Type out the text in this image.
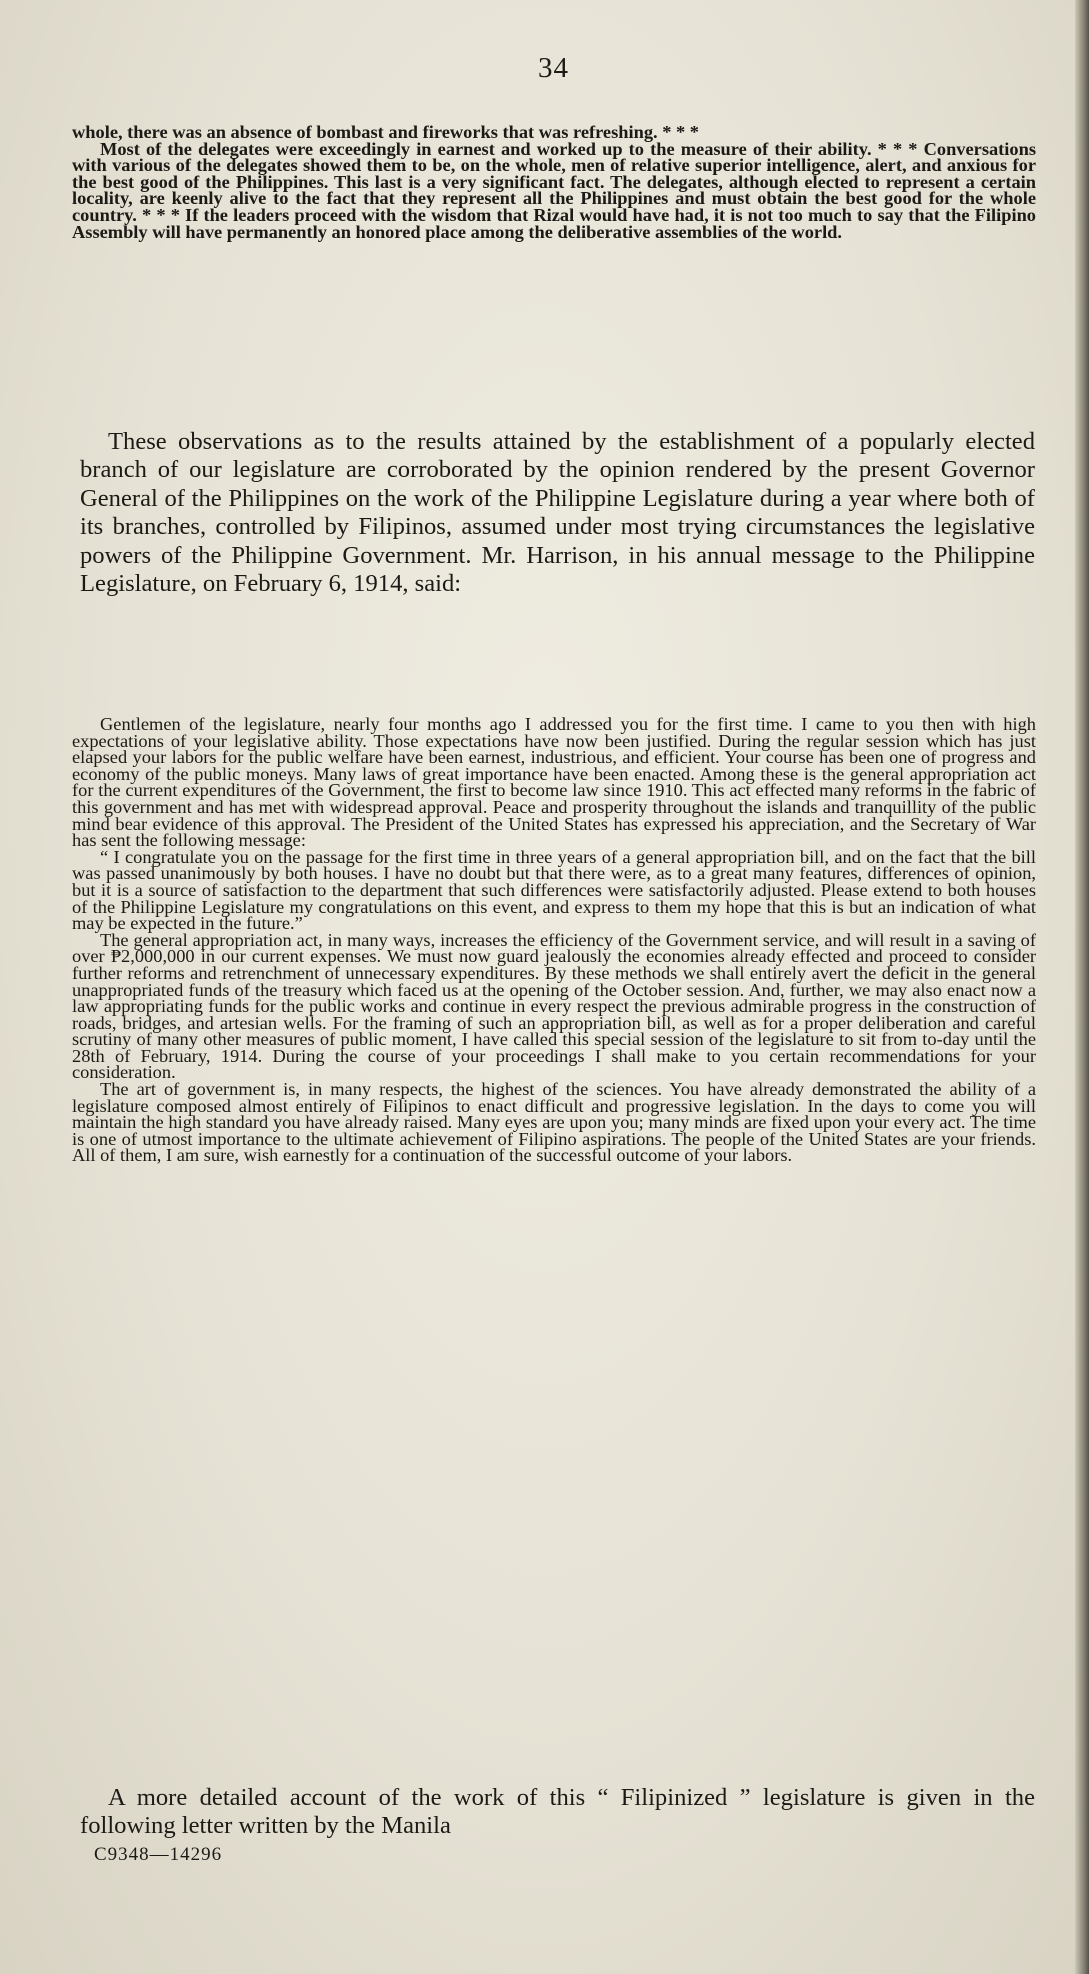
34

whole, there was an absence of bombast and fireworks that was refreshing. * * *

Most of the delegates were exceedingly in earnest and worked up to the measure of their ability. * * * Conversations with various of the delegates showed them to be, on the whole, men of relative superior intelligence, alert, and anxious for the best good of the Philippines. This last is a very significant fact. The delegates, although elected to represent a certain locality, are keenly alive to the fact that they represent all the Philippines and must obtain the best good for the whole country. * * * If the leaders proceed with the wisdom that Rizal would have had, it is not too much to say that the Filipino Assembly will have permanently an honored place among the deliberative assemblies of the world.

These observations as to the results attained by the establishment of a popularly elected branch of our legislature are corroborated by the opinion rendered by the present Governor General of the Philippines on the work of the Philippine Legislature during a year where both of its branches, controlled by Filipinos, assumed under most trying circumstances the legislative powers of the Philippine Government. Mr. Harrison, in his annual message to the Philippine Legislature, on February 6, 1914, said:

Gentlemen of the legislature, nearly four months ago I addressed you for the first time. I came to you then with high expectations of your legislative ability. Those expectations have now been justified. During the regular session which has just elapsed your labors for the public welfare have been earnest, industrious, and efficient. Your course has been one of progress and economy of the public moneys. Many laws of great importance have been enacted. Among these is the general appropriation act for the current expenditures of the Government, the first to become law since 1910. This act effected many reforms in the fabric of this government and has met with widespread approval. Peace and prosperity throughout the islands and tranquillity of the public mind bear evidence of this approval. The President of the United States has expressed his appreciation, and the Secretary of War has sent the following message:

“ I congratulate you on the passage for the first time in three years of a general appropriation bill, and on the fact that the bill was passed unanimously by both houses. I have no doubt but that there were, as to a great many features, differences of opinion, but it is a source of satisfaction to the department that such differences were satisfactorily adjusted. Please extend to both houses of the Philippine Legislature my congratulations on this event, and express to them my hope that this is but an indication of what may be expected in the future.”

The general appropriation act, in many ways, increases the efficiency of the Government service, and will result in a saving of over ₱2,000,000 in our current expenses. We must now guard jealously the economies already effected and proceed to consider further reforms and retrenchment of unnecessary expenditures. By these methods we shall entirely avert the deficit in the general unappropriated funds of the treasury which faced us at the opening of the October session. And, further, we may also enact now a law appropriating funds for the public works and continue in every respect the previous admirable progress in the construction of roads, bridges, and artesian wells. For the framing of such an appropriation bill, as well as for a proper deliberation and careful scrutiny of many other measures of public moment, I have called this special session of the legislature to sit from to-day until the 28th of February, 1914. During the course of your proceedings I shall make to you certain recommendations for your consideration.

The art of government is, in many respects, the highest of the sciences. You have already demonstrated the ability of a legislature composed almost entirely of Filipinos to enact difficult and progressive legislation. In the days to come you will maintain the high standard you have already raised. Many eyes are upon you; many minds are fixed upon your every act. The time is one of utmost importance to the ultimate achievement of Filipino aspirations. The people of the United States are your friends. All of them, I am sure, wish earnestly for a continuation of the successful outcome of your labors.

A more detailed account of the work of this “ Filipinized ” legislature is given in the following letter written by the Manila

C9348—14296
